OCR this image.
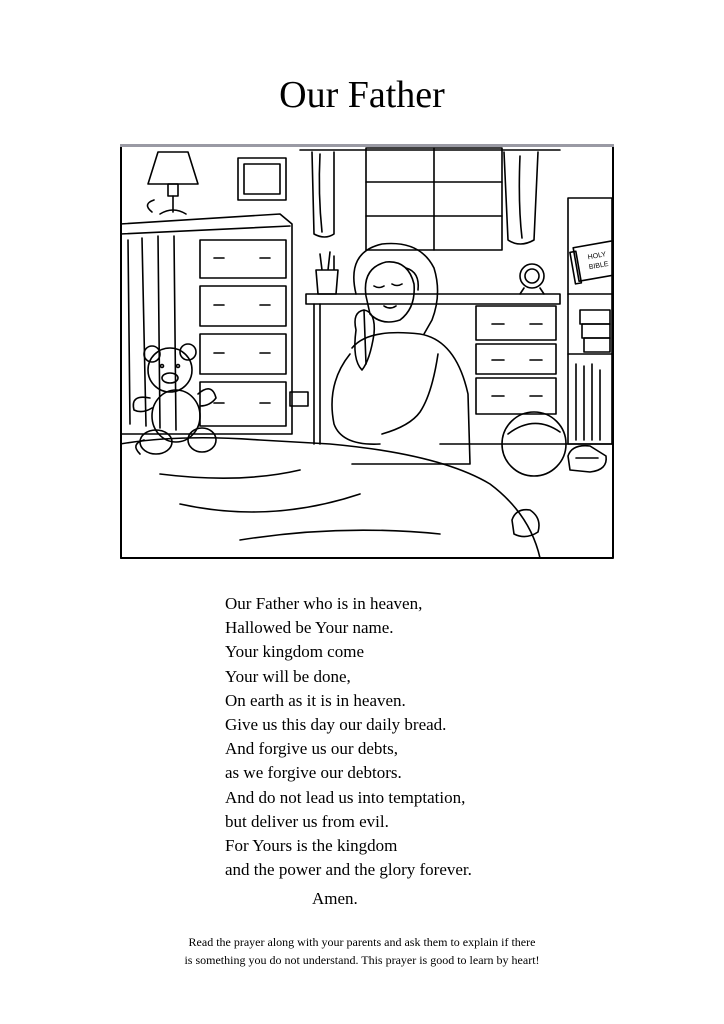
Our Father
HOLY
BIBLE
Our Father who is in heaven,
Hallowed be Your name.
Your kingdom come
Your will be done,
On earth as it is in heaven.
Give us this day our daily bread.
And forgive us our debts,
as we forgive our debtors.
And do not lead us into temptation,
but deliver us from evil.
For Yours is the kingdom
and the power and the glory forever.
Amen.
Read the prayer along with your parents and ask them to explain if there
is something you do not understand. This prayer is good to learn by heart!
